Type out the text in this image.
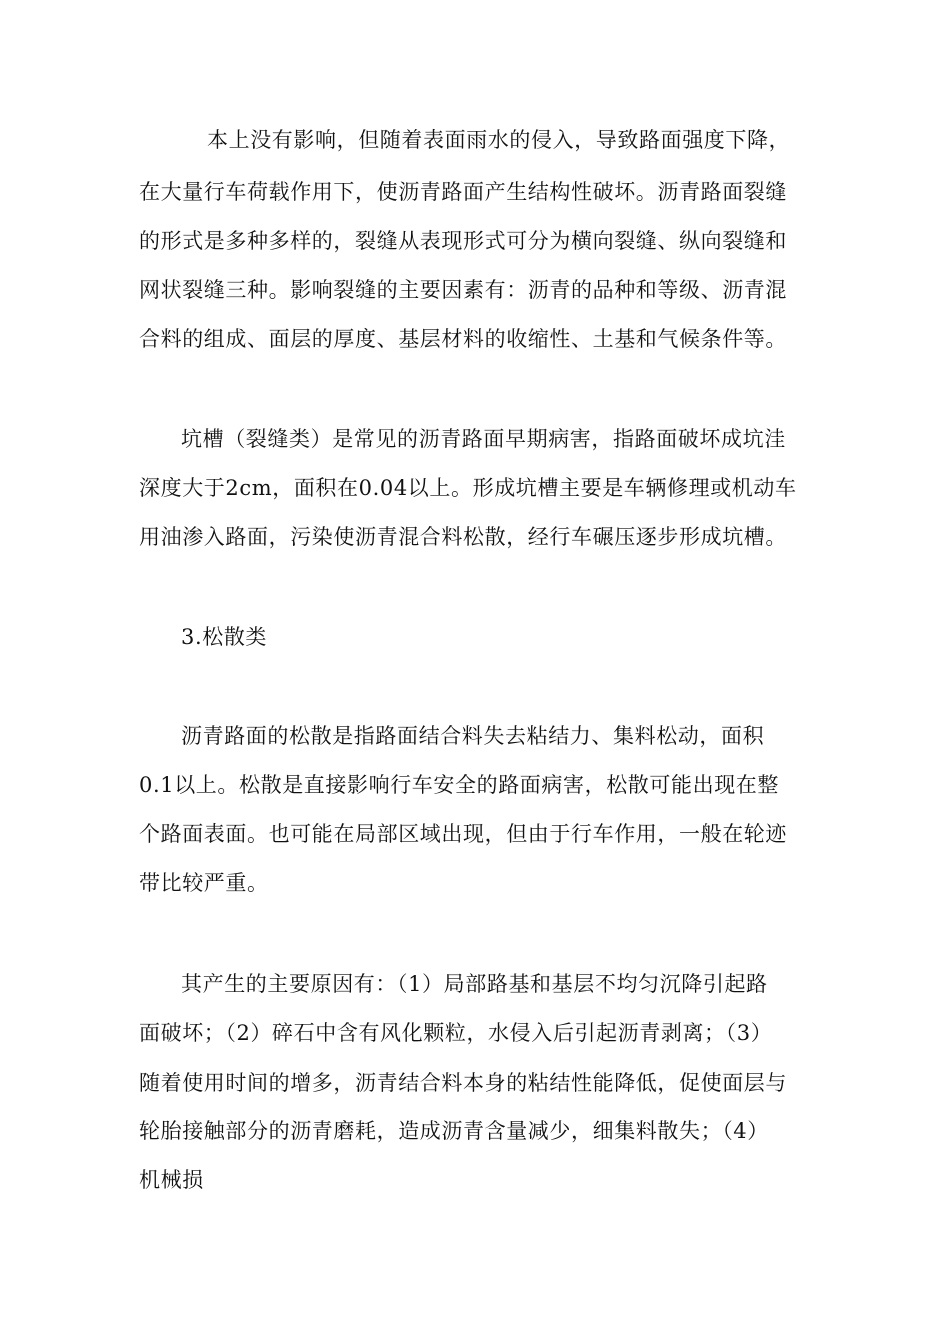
本上没有影响，但随着表面雨水的侵入，导致路面强度下降，
在大量行车荷载作用下，使沥青路面产生结构性破坏。沥青路面裂缝
的形式是多种多样的，裂缝从表现形式可分为横向裂缝、纵向裂缝和
网状裂缝三种。影响裂缝的主要因素有：沥青的品种和等级、沥青混
合料的组成、面层的厚度、基层材料的收缩性、土基和气候条件等。
坑槽（裂缝类）是常见的沥青路面早期病害，指路面破坏成坑洼
深度大于2cm，面积在0.04以上。形成坑槽主要是车辆修理或机动车
用油渗入路面，污染使沥青混合料松散，经行车碾压逐步形成坑槽。
3.松散类
沥青路面的松散是指路面结合料失去粘结力、集料松动，面积
0.1以上。松散是直接影响行车安全的路面病害，松散可能出现在整
个路面表面。也可能在局部区域出现，但由于行车作用，一般在轮迹
带比较严重。
其产生的主要原因有：（1）局部路基和基层不均匀沉降引起路
面破坏；（2）碎石中含有风化颗粒，水侵入后引起沥青剥离；（3）
随着使用时间的增多，沥青结合料本身的粘结性能降低，促使面层与
轮胎接触部分的沥青磨耗，造成沥青含量减少，细集料散失；（4）
机械损
